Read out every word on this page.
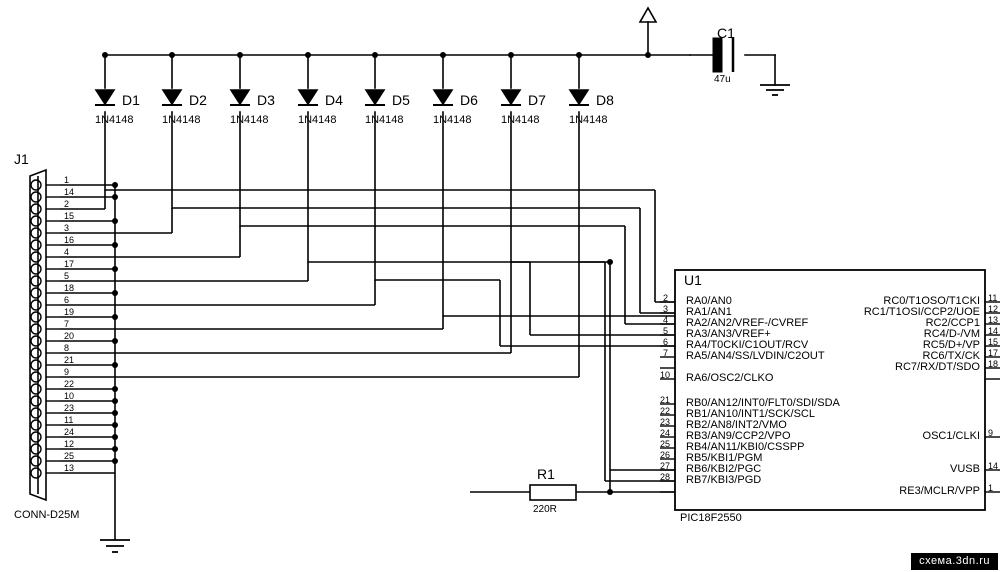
J1
CONN-D25M
1
2
3
4
5
6
7
8
9
10
11
12
13
14
15
16
17
18
19
20
21
22
23
24
25
D1
1N4148
D2
1N4148
D3
1N4148
D4
1N4148
D5
1N4148
D6
1N4148
D7
1N4148
D8
1N4148
C1
47u
R1
220R
U1
PIC18F2550
2
3
4
5
6
7
10
21
22
23
24
25
26
27
28
RA0/AN0
RA1/AN1
RA2/AN2/VREF-/CVREF
RA3/AN3/VREF+
RA4/T0CKI/C1OUT/RCV
RA5/AN4/SS/LVDIN/C2OUT
RA6/OSC2/CLKO
RB0/AN12/INT0/FLT0/SDI/SDA
RB1/AN10/INT1/SCK/SCL
RB2/AN8/INT2/VMO
RB3/AN9/CCP2/VPO
RB4/AN11/KBI0/CSSPP
RB5/KBI1/PGM
RB6/KBI2/PGC
RB7/KBI3/PGD
RC0/T1OSO/T1CKI
RC1/T1OSI/CCP2/UOE
RC2/CCP1
RC4/D-/VM
RC5/D+/VP
RC6/TX/CK
RC7/RX/DT/SDO
OSC1/CLKI
VUSB
RE3/MCLR/VPP
11
12
13
14
15
17
18
9
14
1
схема.3dn.ru
